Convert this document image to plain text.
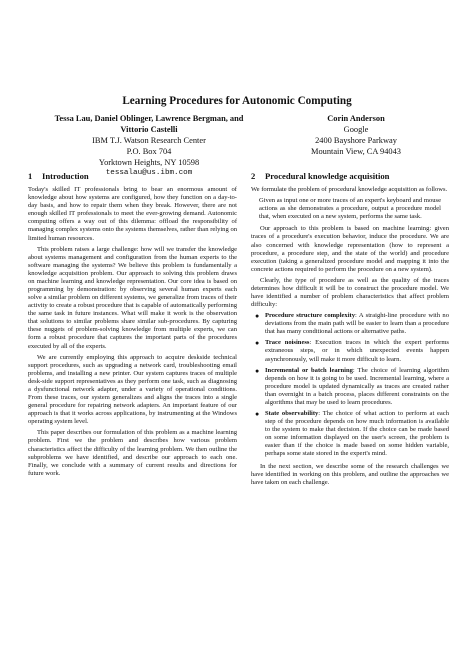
Learning Procedures for Autonomic Computing
Tessa Lau, Daniel Oblinger, Lawrence Bergman, and
Vittorio Castelli
IBM T.J. Watson Research Center
P.O. Box 704
Yorktown Heights, NY 10598
tessalau@us.ibm.com
Corin Anderson
Google
2400 Bayshore Parkway
Mountain View, CA 94043
1 Introduction

Today's skilled IT professionals bring to bear an enormous amount of knowledge about how systems are configured, how they function on a day-to-day basis, and how to repair them when they break. However, there are not enough skilled IT professionals to meet the ever-growing demand. Autonomic computing offers a way out of this dilemma: offload the responsibility of managing complex systems onto the systems themselves, rather than relying on limited human resources.

This problem raises a large challenge: how will we transfer the knowledge about systems management and configuration from the human experts to the software managing the systems? We believe this problem is fundamentally a knowledge acquisition problem. Our approach to solving this problem draws on machine learning and knowledge representation. Our core idea is based on programming by demonstration: by observing several human experts each solve a similar problem on different systems, we generalize from traces of their activity to create a robust procedure that is capable of automatically performing the same task in future instances. What will make it work is the observation that solutions to similar problems share similar sub-procedures. By capturing these nuggets of problem-solving knowledge from multiple experts, we can form a robust procedure that captures the important parts of the procedures executed by all of the experts.

We are currently employing this approach to acquire deskside technical support procedures, such as upgrading a network card, troubleshooting email problems, and installing a new printer. Our system captures traces of multiple desk-side support representatives as they perform one task, such as diagnosing a dysfunctional network adapter, under a variety of operational conditions. From these traces, our system generalizes and aligns the traces into a single general procedure for repairing network adapters. An important feature of our approach is that it works across applications, by instrumenting at the Windows operating system level.

This paper describes our formulation of this problem as a machine learning problem. First we the problem and describes how various problem characteristics affect the difficulty of the learning problem. We then outline the subproblems we have identified, and describe our approach to each one. Finally, we conclude with a summary of current results and directions for future work.

2 Procedural knowledge acquisition

We formulate the problem of procedural knowledge acquisition as follows.

Given as input one or more traces of an expert's keyboard and mouse actions as she demonstrates a procedure, output a procedure model that, when executed on a new system, performs the same task.

Our approach to this problem is based on machine learning: given traces of a procedure's execution behavior, induce the procedure. We are also concerned with knowledge representation (how to represent a procedure, a procedure step, and the state of the world) and procedure execution (taking a generalized procedure model and mapping it into the concrete actions required to perform the procedure on a new system).

Clearly, the type of procedure as well as the quality of the traces determines how difficult it will be to construct the procedure model. We have identified a number of problem characteristics that affect problem difficulty:

● Procedure structure complexity: A straight-line procedure with no deviations from the main path will be easier to learn than a procedure that has many conditional actions or alternative paths.
● Trace noisiness: Execution traces in which the expert performs extraneous steps, or in which unexpected events happen asynchronously, will make it more difficult to learn.
● Incremental or batch learning: The choice of learning algorithm depends on how it is going to be used. Incremental learning, where a procedure model is updated dynamically as traces are created rather than overnight in a batch process, places different constraints on the algorithms that may be used to learn procedures.
● State observability: The choice of what action to perform at each step of the procedure depends on how much information is available to the system to make that decision. If the choice can be made based on some information displayed on the user's screen, the problem is easier than if the choice is made based on some hidden variable, perhaps some state stored in the expert's mind.

In the next section, we describe some of the research challenges we have identified in working on this problem, and outline the approaches we have taken on each challenge.
